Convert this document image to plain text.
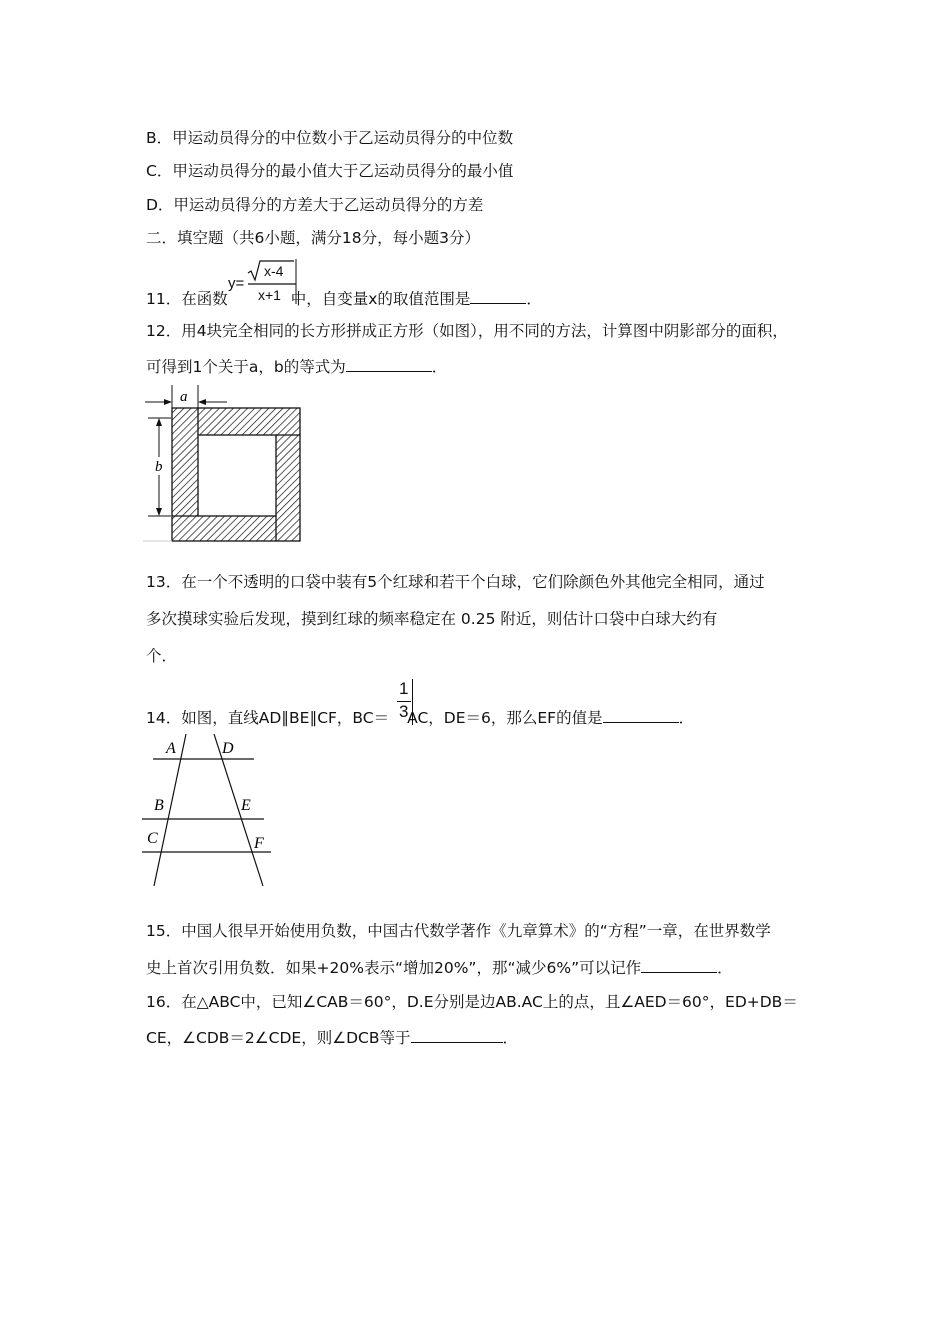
B．甲运动员得分的中位数小于乙运动员得分的中位数
C．甲运动员得分的最小值大于乙运动员得分的最小值
D．甲运动员得分的方差大于乙运动员得分的方差
二．填空题（共6小题，满分18分，每小题3分）
11．在函数	中，自变量x的取值范围是	．
y=
x-4
x+1
12．用4块完全相同的长方形拼成正方形（如图），用不同的方法，计算图中阴影部分的面积，
可得到1个关于a，b的等式为	．
a
b
13．在一个不透明的口袋中装有5个红球和若干个白球，它们除颜色外其他完全相同，通过
多次摸球实验后发现，摸到红球的频率稳定在 0.25 附近，则估计口袋中白球大约有
个．
14．如图，直线AD∥BE∥CF，BC＝ AC，DE＝6，那么EF的值是	．
1
3
A	D
B	E
C	F
15．中国人很早开始使用负数，中国古代数学著作《九章算术》的“方程”一章，在世界数学
史上首次引用负数．如果+20%表示“增加20%”，那“减少6%”可以记作	．
16．在△ABC中，已知∠CAB＝60°，D.E分别是边AB.AC上的点，且∠AED＝60°，ED+DB＝
CE，∠CDB＝2∠CDE，则∠DCB等于	．
